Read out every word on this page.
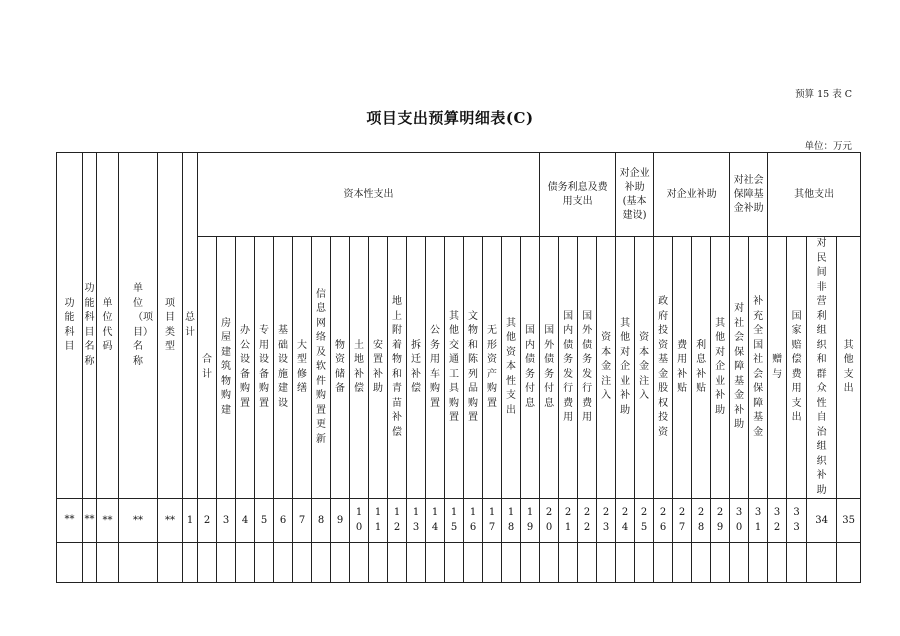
预算 15 表 C
项目支出预算明细表(C)
单位：万元
功能科目	功能科目名称	单位代码	单位（项目）名称	项目类型	总计	资本性支出																		债务利息及费用支出				对企业补助(基本建设)		对企业补助				对社会保障基金补助		其他支出			
						合计	房屋建筑物购建	办公设备购置	专用设备购置	基础设施建设	大型修缮	信息网络及软件购置更新	物资储备	土地补偿	安置补助	地上附着物和青苗补偿	拆迁补偿	公务用车购置	其他交通工具购置	文物和陈列品购置	无形资产购置	其他资本性支出	国内债务付息	国外债务付息	国内债务发行费用	国外债务发行费用	资本金注入	其他对企业补助	资本金注入	政府投资基金股权投资	费用补贴	利息补贴	其他对企业补助	对社会保障基金补助	补充全国社会保障基金	赠与	国家赔偿费用支出	对民间非营利组织和群众性自治组织补助	其他支出
**	**	**	**	**	1	2	3	4	5	6	7	8	9	10	11	12	13	14	15	16	17	18	19	20	21	22	23	24	25	26	27	28	29	30	31	32	33	34	35
